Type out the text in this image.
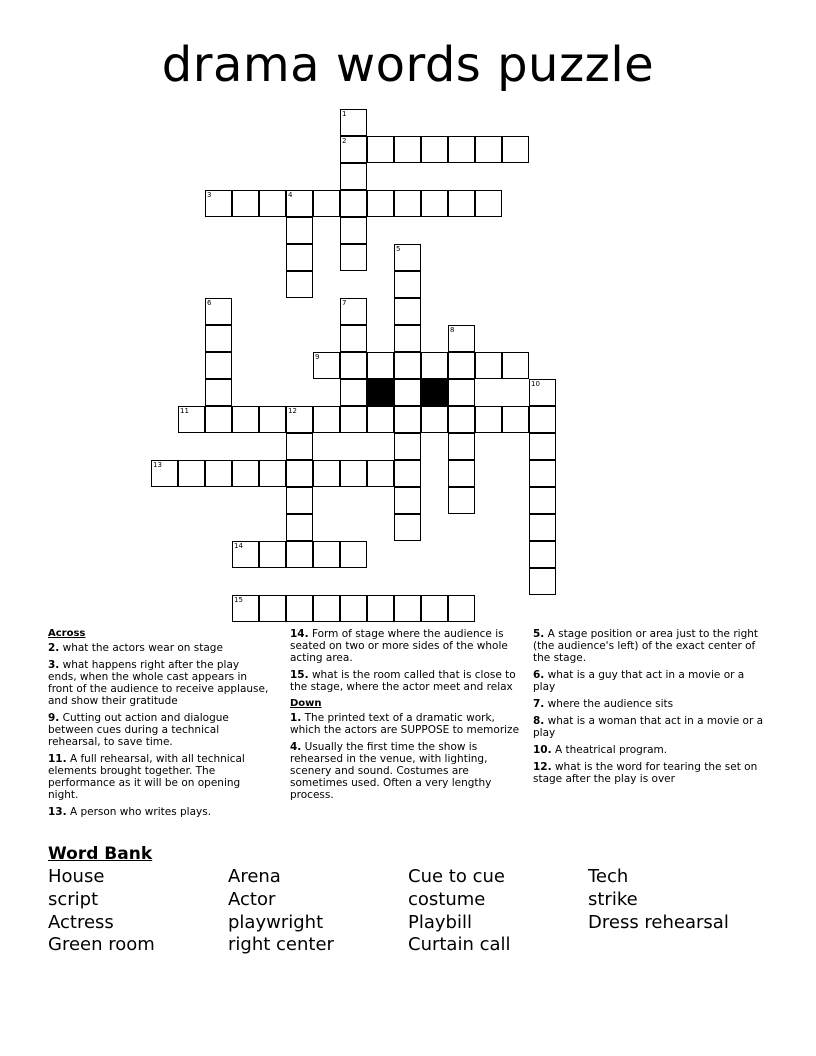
drama words puzzle
1
2
3	4
5
6	7
8
9
10
11	12
13
14
15
Across
2. what the actors wear on stage
3. what happens right after the play ends, when the whole cast appears in front of the audience to receive applause, and show their gratitude
9. Cutting out action and dialogue between cues during a technical rehearsal, to save time.
11. A full rehearsal, with all technical elements brought together. The performance as it will be on opening night.
13. A person who writes plays.
14. Form of stage where the audience is seated on two or more sides of the whole acting area.
15. what is the room called that is close to the stage, where the actor meet and relax
Down
1. The printed text of a dramatic work, which the actors are SUPPOSE to memorize
4. Usually the first time the show is rehearsed in the venue, with lighting, scenery and sound. Costumes are sometimes used. Often a very lengthy process.
5. A stage position or area just to the right (the audience's left) of the exact center of the stage.
6. what is a guy that act in a movie or a play
7. where the audience sits
8. what is a woman that act in a movie or a play
10. A theatrical program.
12. what is the word for tearing the set on stage after the play is over
Word Bank
House
script
Actress
Green room
Arena
Actor
playwright
right center
Cue to cue
costume
Playbill
Curtain call
Tech
strike
Dress rehearsal
